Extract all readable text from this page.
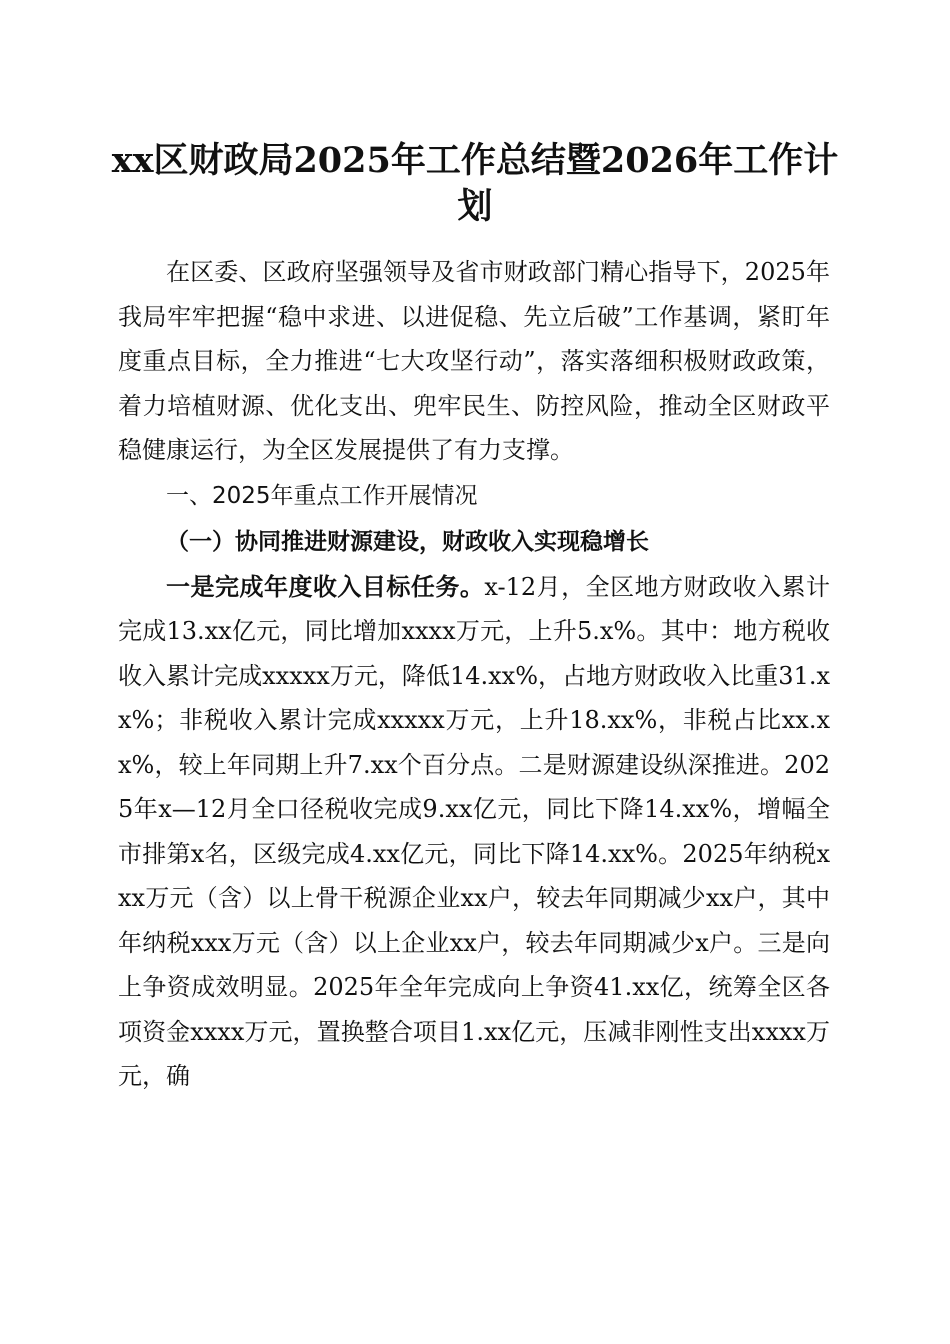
xx区财政局2025年工作总结暨2026年工作计
划

在区委、区政府坚强领导及省市财政部门精心指导下，2025年我局牢牢把握“稳中求进、以进促稳、先立后破”工作基调，紧盯年度重点目标，全力推进“七大攻坚行动”，落实落细积极财政政策，着力培植财源、优化支出、兜牢民生、防控风险，推动全区财政平稳健康运行，为全区发展提供了有力支撑。

一、2025年重点工作开展情况

（一）协同推进财源建设，财政收入实现稳增长

一是完成年度收入目标任务。x-12月，全区地方财政收入累计完成13.xx亿元，同比增加xxxx万元，上升5.x%。其中：地方税收收入累计完成xxxxx万元，降低14.xx%，占地方财政收入比重31.xx%；非税收入累计完成xxxxx万元，上升18.xx%，非税占比xx.xx%，较上年同期上升7.xx个百分点。二是财源建设纵深推进。2025年x—12月全口径税收完成9.xx亿元，同比下降14.xx%，增幅全市排第x名，区级完成4.xx亿元，同比下降14.xx%。2025年纳税xxx万元（含）以上骨干税源企业xx户，较去年同期减少xx户，其中年纳税xxx万元（含）以上企业xx户，较去年同期减少x户。三是向上争资成效明显。2025年全年完成向上争资41.xx亿，统筹全区各项资金xxxx万元，置换整合项目1.xx亿元，压减非刚性支出xxxx万元，确
